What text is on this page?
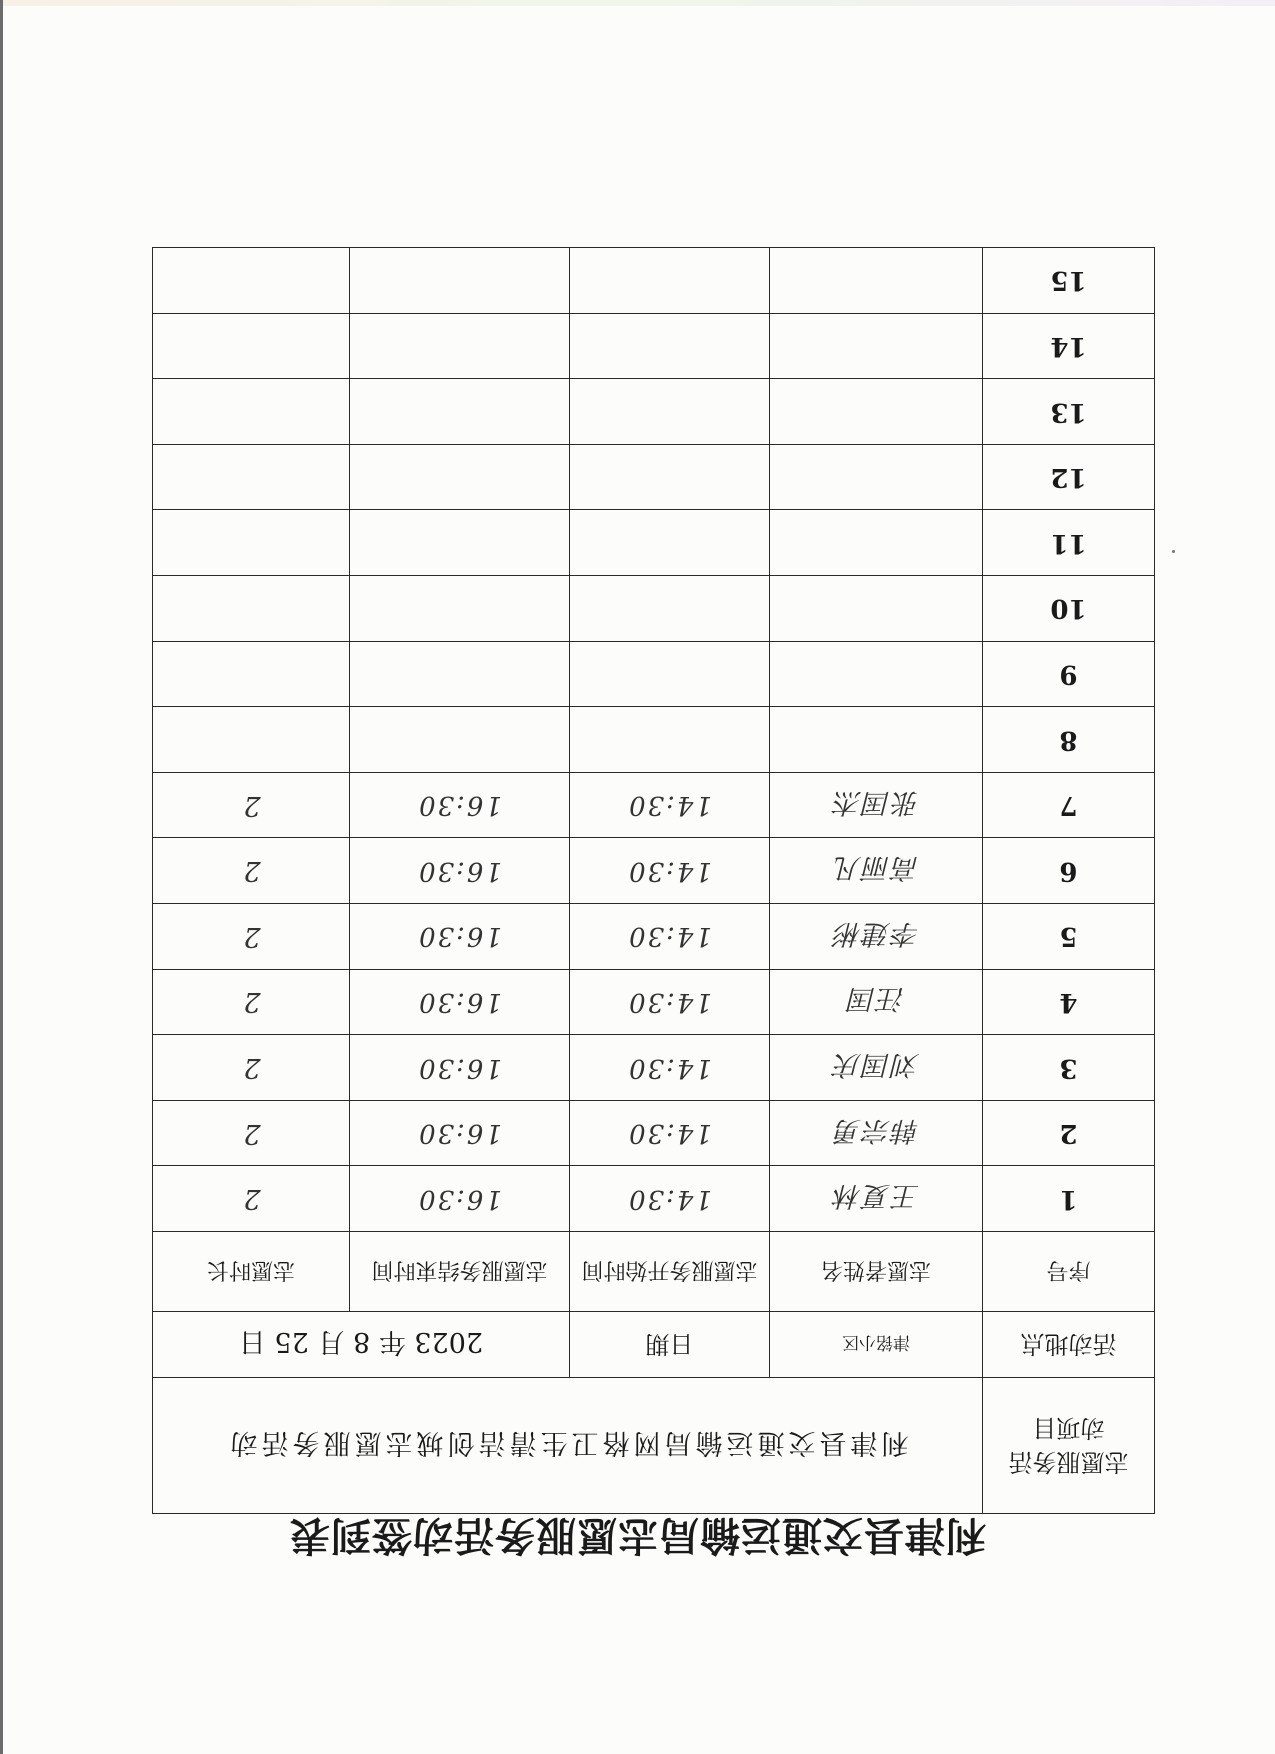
利津县交通运输局志愿服务活动签到表
志愿服务活动项目	利津县交通运输局网格卫生清洁创城志愿服务活动			
活动地点	津铭小区	日期	2023 年 8 月 25 日	
序号	志愿者姓名	志愿服务开始时间	志愿服务结束时间	志愿时长
1	王夏林	14:30	16:30	2
2	韩宗勇	14:30	16:30	2
3	刘国庆	14:30	16:30	2
4	汪国	14:30	16:30	2
5	李建彬	14:30	16:30	2
6	高丽凡	14:30	16:30	2
7	张国杰	14:30	16:30	2
8				
9				
10				
11				
12				
13				
14				
15				
